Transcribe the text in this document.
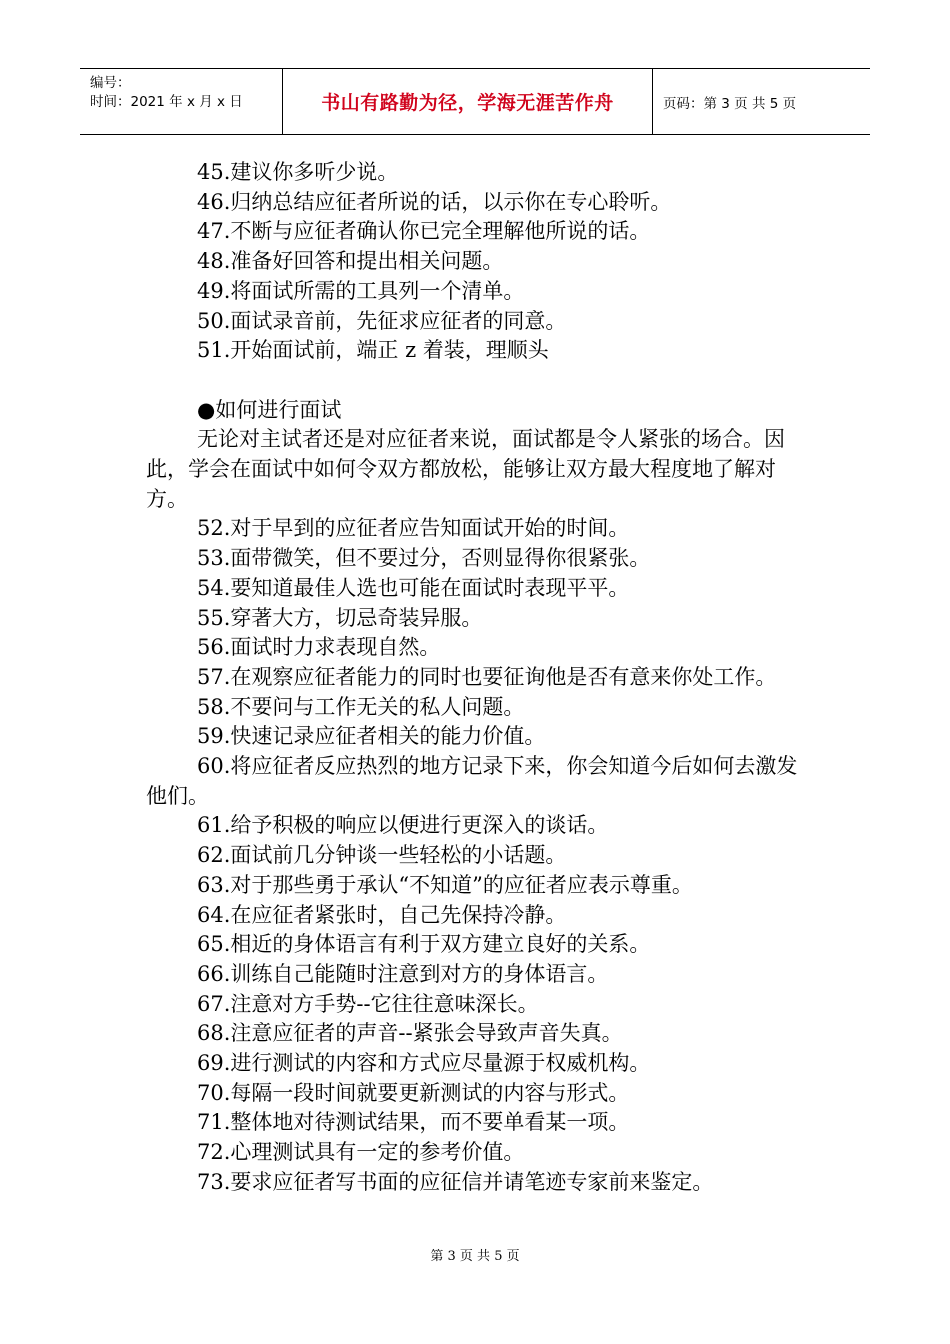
编号：
时间：2021 年 x 月 x 日	书山有路勤为径，学海无涯苦作舟	页码：第 3 页 共 5 页

45.建议你多听少说。

46.归纳总结应征者所说的话，以示你在专心聆听。

47.不断与应征者确认你已完全理解他所说的话。

48.准备好回答和提出相关问题。

49.将面试所需的工具列一个清单。

50.面试录音前，先征求应征者的同意。

51.开始面试前，端正 z 着装，理顺头

●如何进行面试

无论对主试者还是对应征者来说，面试都是令人紧张的场合。因此，学会在面试中如何令双方都放松，能够让双方最大程度地了解对方。

52.对于早到的应征者应告知面试开始的时间。

53.面带微笑，但不要过分，否则显得你很紧张。

54.要知道最佳人选也可能在面试时表现平平。

55.穿著大方，切忌奇装异服。

56.面试时力求表现自然。

57.在观察应征者能力的同时也要征询他是否有意来你处工作。

58.不要问与工作无关的私人问题。

59.快速记录应征者相关的能力价值。

60.将应征者反应热烈的地方记录下来，你会知道今后如何去激发他们。

61.给予积极的响应以便进行更深入的谈话。

62.面试前几分钟谈一些轻松的小话题。

63.对于那些勇于承认“不知道”的应征者应表示尊重。

64.在应征者紧张时，自己先保持冷静。

65.相近的身体语言有利于双方建立良好的关系。

66.训练自己能随时注意到对方的身体语言。

67.注意对方手势--它往往意味深长。

68.注意应征者的声音--紧张会导致声音失真。

69.进行测试的内容和方式应尽量源于权威机构。

70.每隔一段时间就要更新测试的内容与形式。

71.整体地对待测试结果，而不要单看某一项。

72.心理测试具有一定的参考价值。

73.要求应征者写书面的应征信并请笔迹专家前来鉴定。

第 3 页 共 5 页
